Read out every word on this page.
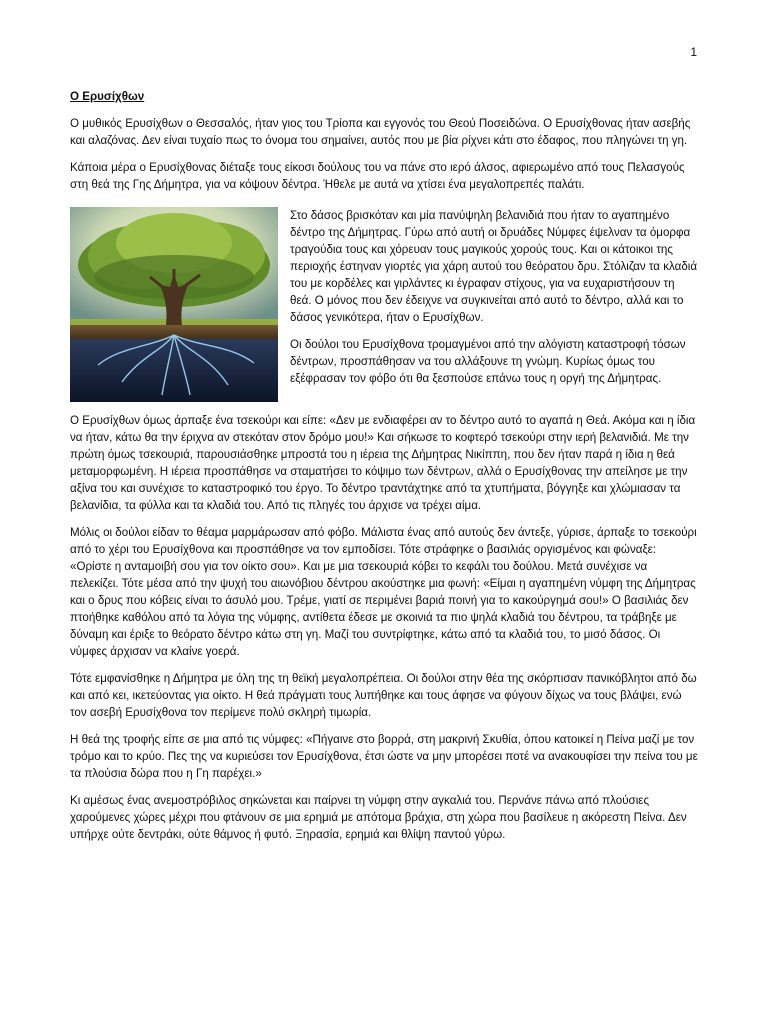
1
Ο Ερυσίχθων

Ο μυθικός Ερυσίχθων ο Θεσσαλός, ήταν γιος του Τρίοπα και εγγονός του Θεού Ποσειδώνα. Ο Ερυσίχθονας ήταν ασεβής και αλαζόνας. Δεν είναι τυχαίο πως το όνομα του σημαίνει, αυτός που με βία ρίχνει κάτι στο έδαφος, που πληγώνει τη γη.

Κάποια μέρα ο Ερυσίχθονας διέταξε τους είκοσι δούλους του να πάνε στο ιερό άλσος, αφιερωμένο από τους Πελασγούς στη θεά της Γης Δήμητρα, για να κόψουν δέντρα. Ήθελε με αυτά να χτίσει ένα μεγαλοπρεπές παλάτι.

Στο δάσος βρισκόταν και μία πανύψηλη βελανιδιά που ήταν το αγαπημένο δέντρο της Δήμητρας. Γύρω από αυτή οι δρυάδες Νύμφες έψελναν τα όμορφα τραγούδια τους και χόρευαν τους μαγικούς χορούς τους. Και οι κάτοικοι της περιοχής έστηναν γιορτές για χάρη αυτού του θεόρατου δρυ. Στόλιζαν τα κλαδιά του με κορδέλες και γιρλάντες κι έγραφαν στίχους, για να ευχαριστήσουν τη θεά. Ο μόνος που δεν έδειχνε να συγκινείται από αυτό το δέντρο, αλλά και το δάσος γενικότερα, ήταν ο Ερυσίχθων.

Οι δούλοι του Ερυσίχθονα τρομαγμένοι από την αλόγιστη καταστροφή τόσων δέντρων, προσπάθησαν να του αλλάξουνε τη γνώμη. Κυρίως όμως του εξέφρασαν τον φόβο ότι θα ξεσπούσε επάνω τους η οργή της Δήμητρας.

Ο Ερυσίχθων όμως άρπαξε ένα τσεκούρι και είπε: «Δεν με ενδιαφέρει αν το δέντρο αυτό το αγαπά η Θεά. Ακόμα και η ίδια να ήταν, κάτω θα την έριχνα αν στεκόταν στον δρόμο μου!» Και σήκωσε το κοφτερό τσεκούρι στην ιερή βελανιδιά. Με την πρώτη όμως τσεκουριά, παρουσιάσθηκε μπροστά του η ιέρεια της Δήμητρας Νικίππη, που δεν ήταν παρά η ίδια η θεά μεταμορφωμένη. Η ιέρεια προσπάθησε να σταματήσει το κόψιμο των δέντρων, αλλά ο Ερυσίχθονας την απείλησε με την αξίνα του και συνέχισε το καταστροφικό του έργο. Το δέντρο τραντάχτηκε από τα χτυπήματα, βόγγηξε και χλώμιασαν τα βελανίδια, τα φύλλα και τα κλαδιά του. Από τις πληγές του άρχισε να τρέχει αίμα.

Μόλις οι δούλοι είδαν το θέαμα μαρμάρωσαν από φόβο. Μάλιστα ένας από αυτούς δεν άντεξε, γύρισε, άρπαξε το τσεκούρι από το χέρι του Ερυσίχθονα και προσπάθησε να τον εμποδίσει. Τότε στράφηκε ο βασιλιάς οργισμένος και φώναξε: «Ορίστε η ανταμοιβή σου για τον οίκτο σου». Και με μια τσεκουριά κόβει το κεφάλι του δούλου. Μετά συνέχισε να πελεκίζει. Τότε μέσα από την ψυχή του αιωνόβιου δέντρου ακούστηκε μια φωνή: «Είμαι η αγαπημένη νύμφη της Δήμητρας και ο δρυς που κόβεις είναι το άσυλό μου. Τρέμε, γιατί σε περιμένει βαριά ποινή για το κακούργημά σου!» Ο βασιλιάς δεν πτοήθηκε καθόλου από τα λόγια της νύμφης, αντίθετα έδεσε με σκοινιά τα πιο ψηλά κλαδιά του δέντρου, τα τράβηξε με δύναμη και έριξε το θεόρατο δέντρο κάτω στη γη. Μαζί του συντρίφτηκε, κάτω από τα κλαδιά του, το μισό δάσος. Οι νύμφες άρχισαν να κλαίνε γοερά.

Τότε εμφανίσθηκε η Δήμητρα με όλη της τη θεϊκή μεγαλοπρέπεια. Οι δούλοι στην θέα της σκόρπισαν πανικόβλητοι από δω και από κει, ικετεύοντας για οίκτο. Η θεά πράγματι τους λυπήθηκε και τους άφησε να φύγουν δίχως να τους βλάψει, ενώ τον ασεβή Ερυσίχθονα τον περίμενε πολύ σκληρή τιμωρία.

Η θεά της τροφής είπε σε μια από τις νύμφες: «Πήγαινε στο βορρά, στη μακρινή Σκυθία, όπου κατοικεί η Πείνα μαζί με τον τρόμο και το κρύο. Πες της να κυριεύσει τον Ερυσίχθονα, έτσι ώστε να μην μπορέσει ποτέ να ανακουφίσει την πείνα του με τα πλούσια δώρα που η Γη παρέχει.»

Κι αμέσως ένας ανεμοστρόβιλος σηκώνεται και παίρνει τη νύμφη στην αγκαλιά του. Περνάνε πάνω από πλούσιες χαρούμενες χώρες μέχρι που φτάνουν σε μια ερημιά με απότομα βράχια, στη χώρα που βασίλευε η ακόρεστη Πείνα. Δεν υπήρχε ούτε δεντράκι, ούτε θάμνος ή φυτό. Ξηρασία, ερημιά και θλίψη παντού γύρω.
